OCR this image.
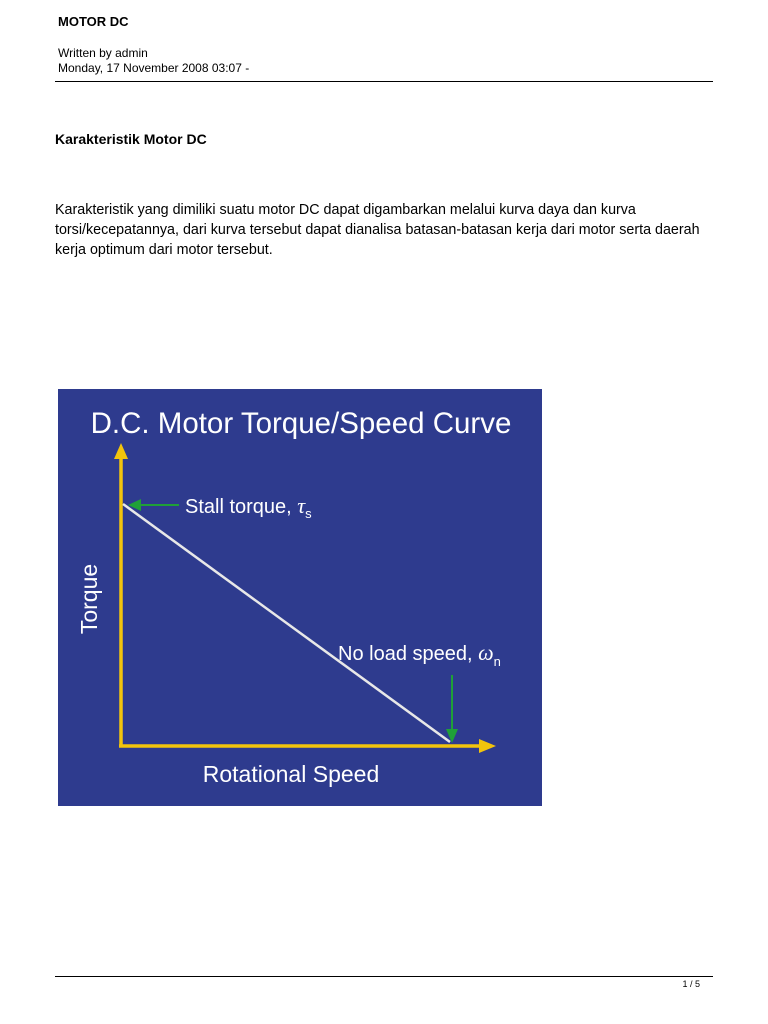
MOTOR DC
Written by admin
Monday, 17 November 2008 03:07 -
Karakteristik Motor DC

Karakteristik yang dimiliki suatu motor DC dapat digambarkan melalui kurva daya dan kurva torsi/kecepatannya, dari kurva tersebut dapat dianalisa batasan-batasan kerja dari motor serta daerah kerja optimum dari motor tersebut.

D.C. Motor Torque/Speed Curve
Stall torque, $\tau_s$
No load speed, $\omega_n$
Torque
Rotational Speed
1 / 5
